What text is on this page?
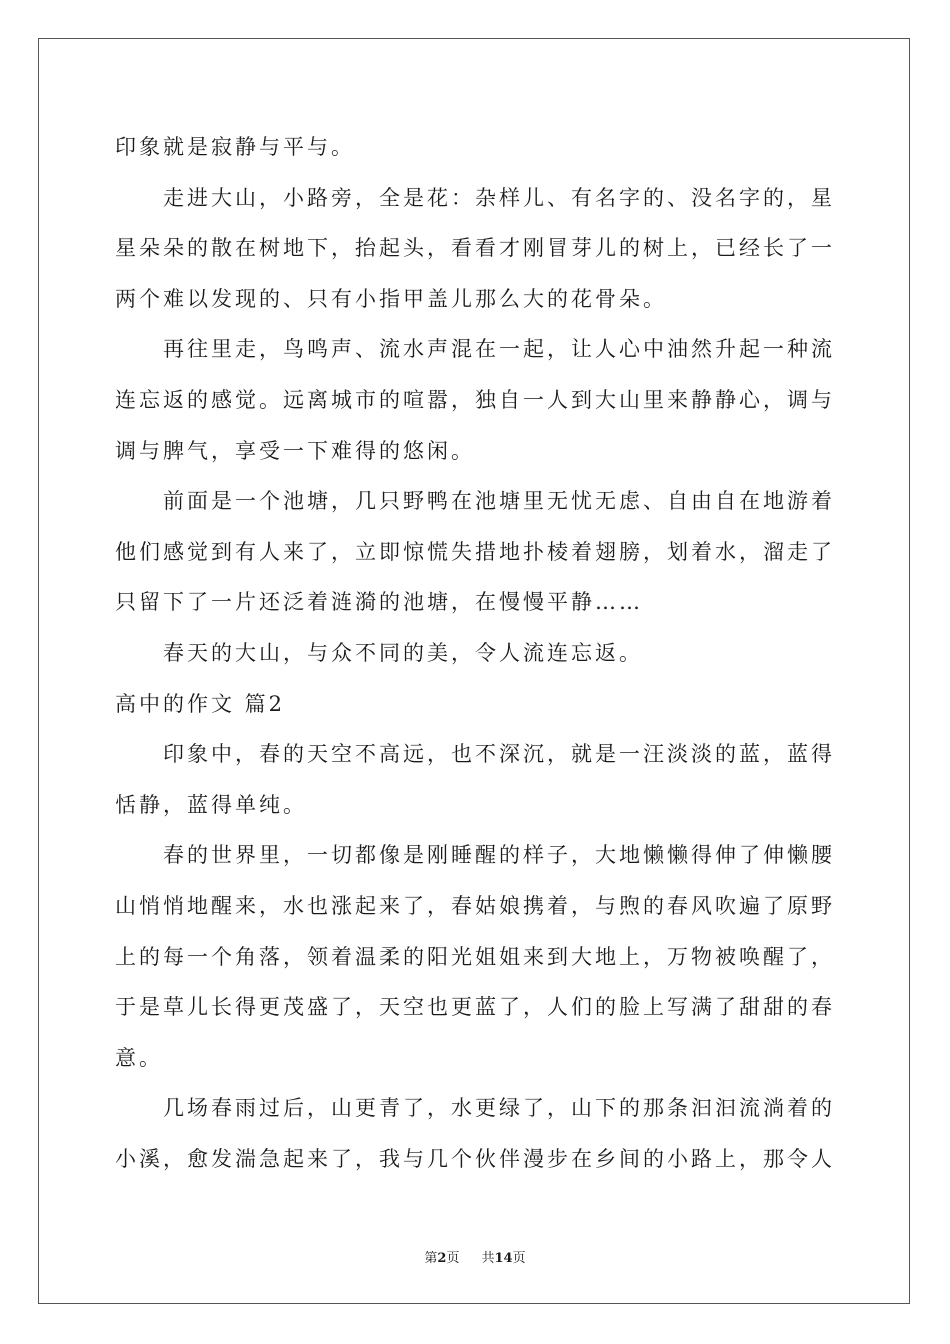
印象就是寂静与平与。
走进大山，小路旁，全是花：杂样儿、有名字的、没名字的，星
星朵朵的散在树地下，抬起头，看看才刚冒芽儿的树上，已经长了一
两个难以发现的、只有小指甲盖儿那么大的花骨朵。
再往里走，鸟鸣声、流水声混在一起，让人心中油然升起一种流
连忘返的感觉。远离城市的喧嚣，独自一人到大山里来静静心，调与
调与脾气，享受一下难得的悠闲。
前面是一个池塘，几只野鸭在池塘里无忧无虑、自由自在地游着
他们感觉到有人来了，立即惊慌失措地扑棱着翅膀，划着水，溜走了
只留下了一片还泛着涟漪的池塘，在慢慢平静……
春天的大山，与众不同的美，令人流连忘返。
高中的作文 篇2
印象中，春的天空不高远，也不深沉，就是一汪淡淡的蓝，蓝得
恬静，蓝得单纯。
春的世界里，一切都像是刚睡醒的样子，大地懒懒得伸了伸懒腰
山悄悄地醒来，水也涨起来了，春姑娘携着，与煦的春风吹遍了原野
上的每一个角落，领着温柔的阳光姐姐来到大地上，万物被唤醒了，
于是草儿长得更茂盛了，天空也更蓝了，人们的脸上写满了甜甜的春
意。
几场春雨过后，山更青了，水更绿了，山下的那条汩汩流淌着的
小溪，愈发湍急起来了，我与几个伙伴漫步在乡间的小路上，那令人
第2页 共14页
